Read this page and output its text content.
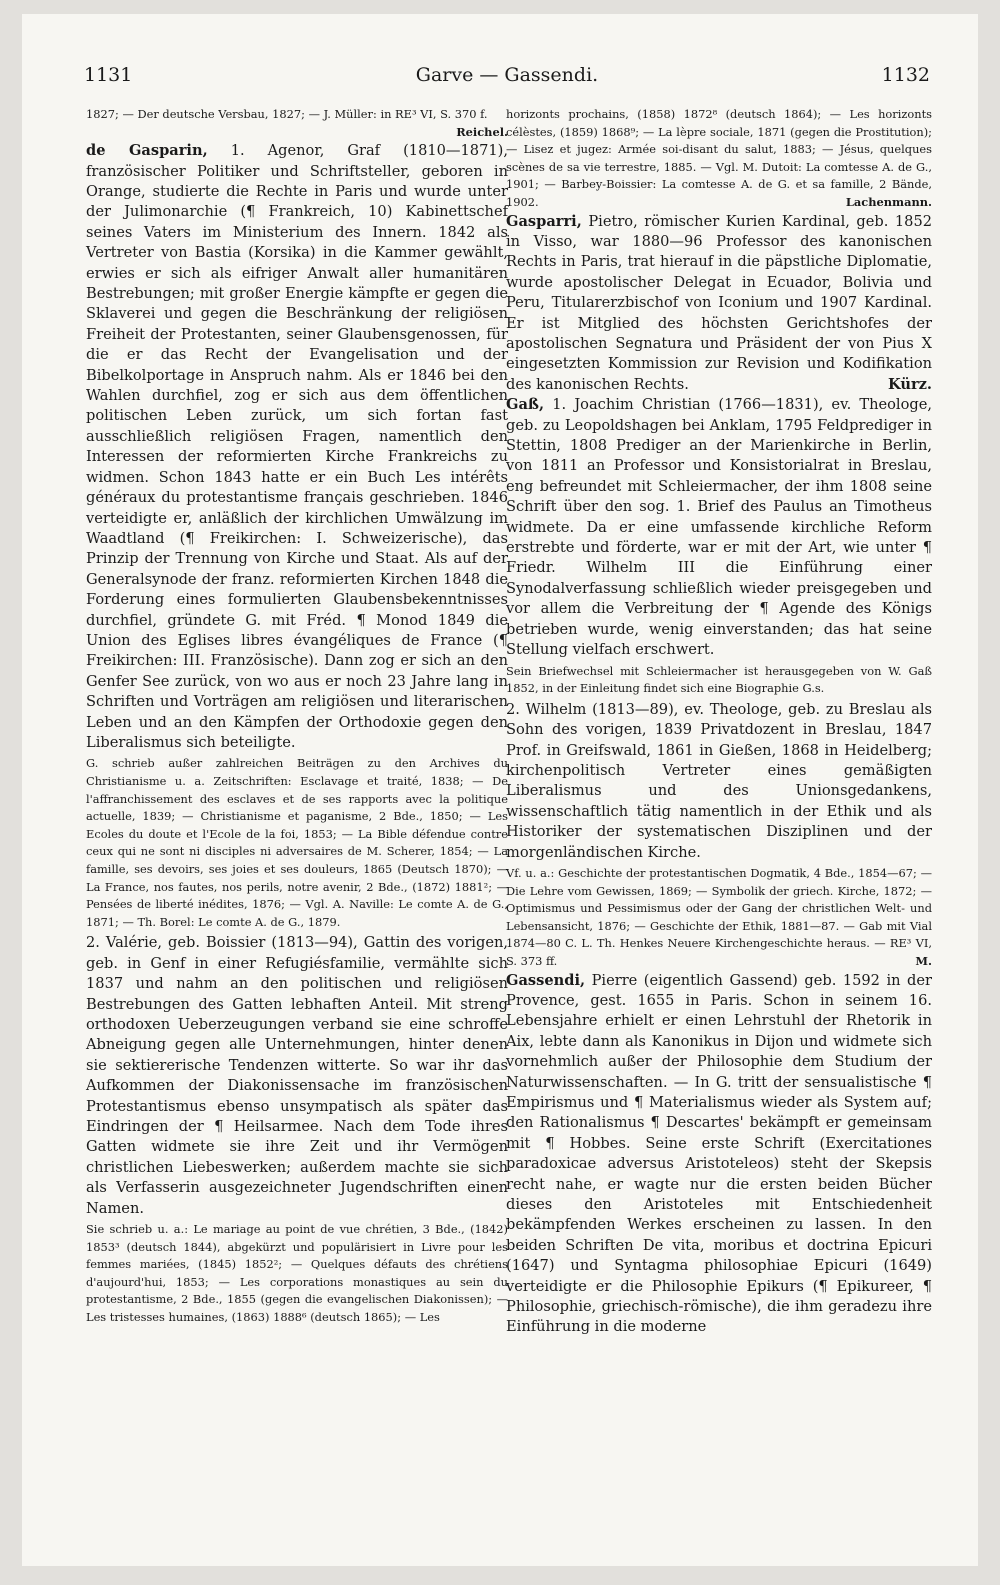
1131	Garve — Gassendi.	1132

1827; — Der deutsche Versbau, 1827; — J. Müller: in RE³ VI, S. 370 f.
Reichel.

de Gasparin, 1. Agenor, Graf (1810—1871), französischer Politiker und Schriftsteller, geboren in Orange, studierte die Rechte in Paris und wurde unter der Julimonarchie (¶ Frankreich, 10) Kabinettschef seines Vaters im Ministerium des Innern. 1842 als Vertreter von Bastia (Korsika) in die Kammer gewählt, erwies er sich als eifriger Anwalt aller humanitären Bestrebungen; mit großer Energie kämpfte er gegen die Sklaverei und gegen die Beschränkung der religiösen Freiheit der Protestanten, seiner Glaubensgenossen, für die er das Recht der Evangelisation und der Bibelkolportage in Anspruch nahm. Als er 1846 bei den Wahlen durchfiel, zog er sich aus dem öffentlichen politischen Leben zurück, um sich fortan fast ausschließlich religiösen Fragen, namentlich den Interessen der reformierten Kirche Frankreichs zu widmen. Schon 1843 hatte er ein Buch Les intérêts généraux du protestantisme français geschrieben. 1846 verteidigte er, anläßlich der kirchlichen Umwälzung im Waadtland (¶ Freikirchen: I. Schweizerische), das Prinzip der Trennung von Kirche und Staat. Als auf der Generalsynode der franz. reformierten Kirchen 1848 die Forderung eines formulierten Glaubensbekenntnisses durchfiel, gründete G. mit Fréd. ¶ Monod 1849 die Union des Eglises libres évangéliques de France (¶ Freikirchen: III. Französische). Dann zog er sich an den Genfer See zurück, von wo aus er noch 23 Jahre lang in Schriften und Vorträgen am religiösen und literarischen Leben und an den Kämpfen der Orthodoxie gegen den Liberalismus sich beteiligte.

G. schrieb außer zahlreichen Beiträgen zu den Archives du Christianisme u. a. Zeitschriften: Esclavage et traité, 1838; — De l'affranchissement des esclaves et de ses rapports avec la politique actuelle, 1839; — Christianisme et paganisme, 2 Bde., 1850; — Les Ecoles du doute et l'Ecole de la foi, 1853; — La Bible défendue contre ceux qui ne sont ni disciples ni adversaires de M. Scherer, 1854; — La famille, ses devoirs, ses joies et ses douleurs, 1865 (Deutsch 1870); — La France, nos fautes, nos perils, notre avenir, 2 Bde., (1872) 1881²; — Pensées de liberté inédites, 1876; — Vgl. A. Naville: Le comte A. de G., 1871; — Th. Borel: Le comte A. de G., 1879.

2. Valérie, geb. Boissier (1813—94), Gattin des vorigen, geb. in Genf in einer Refugiésfamilie, vermählte sich 1837 und nahm an den politischen und religiösen Bestrebungen des Gatten lebhaften Anteil. Mit streng orthodoxen Ueberzeugungen verband sie eine schroffe Abneigung gegen alle Unternehmungen, hinter denen sie sektiererische Tendenzen witterte. So war ihr das Aufkommen der Diakonissensache im französischen Protestantismus ebenso unsympatisch als später das Eindringen der ¶ Heilsarmee. Nach dem Tode ihres Gatten widmete sie ihre Zeit und ihr Vermögen christlichen Liebeswerken; außerdem machte sie sich als Verfasserin ausgezeichneter Jugendschriften einen Namen.

Sie schrieb u. a.: Le mariage au point de vue chrétien, 3 Bde., (1842) 1853³ (deutsch 1844), abgekürzt und populärisiert in Livre pour les femmes mariées, (1845) 1852²; — Quelques défauts des chrétiens d'aujourd'hui, 1853; — Les corporations monastiques au sein du protestantisme, 2 Bde., 1855 (gegen die evangelischen Diakonissen); — Les tristesses humaines, (1863) 1888⁶ (deutsch 1865); — Les

horizonts prochains, (1858) 1872⁸ (deutsch 1864); — Les horizonts célèstes, (1859) 1868⁹; — La lèpre sociale, 1871 (gegen die Prostitution); — Lisez et jugez: Armée soi-disant du salut, 1883; — Jésus, quelques scènes de sa vie terrestre, 1885. — Vgl. M. Dutoit: La comtesse A. de G., 1901; — Barbey-Boissier: La comtesse A. de G. et sa famille, 2 Bände, 1902.	Lachenmann.

Gasparri, Pietro, römischer Kurien Kardinal, geb. 1852 in Visso, war 1880—96 Professor des kanonischen Rechts in Paris, trat hierauf in die päpstliche Diplomatie, wurde apostolischer Delegat in Ecuador, Bolivia und Peru, Titularerzbischof von Iconium und 1907 Kardinal. Er ist Mitglied des höchsten Gerichtshofes der apostolischen Segnatura und Präsident der von Pius X eingesetzten Kommission zur Revision und Kodifikation des kanonischen Rechts.	Kürz.

Gaß, 1. Joachim Christian (1766—1831), ev. Theologe, geb. zu Leopoldshagen bei Anklam, 1795 Feldprediger in Stettin, 1808 Prediger an der Marienkirche in Berlin, von 1811 an Professor und Konsistorialrat in Breslau, eng befreundet mit Schleiermacher, der ihm 1808 seine Schrift über den sog. 1. Brief des Paulus an Timotheus widmete. Da er eine umfassende kirchliche Reform erstrebte und förderte, war er mit der Art, wie unter ¶ Friedr. Wilhelm III die Einführung einer Synodalverfassung schließlich wieder preisgegeben und vor allem die Verbreitung der ¶ Agende des Königs betrieben wurde, wenig einverstanden; das hat seine Stellung vielfach erschwert.

Sein Briefwechsel mit Schleiermacher ist herausgegeben von W. Gaß 1852, in der Einleitung findet sich eine Biographie G.s.

2. Wilhelm (1813—89), ev. Theologe, geb. zu Breslau als Sohn des vorigen, 1839 Privatdozent in Breslau, 1847 Prof. in Greifswald, 1861 in Gießen, 1868 in Heidelberg; kirchenpolitisch Vertreter eines gemäßigten Liberalismus und des Unionsgedankens, wissenschaftlich tätig namentlich in der Ethik und als Historiker der systematischen Disziplinen und der morgenländischen Kirche.

Vf. u. a.: Geschichte der protestantischen Dogmatik, 4 Bde., 1854—67; — Die Lehre vom Gewissen, 1869; — Symbolik der griech. Kirche, 1872; — Optimismus und Pessimismus oder der Gang der christlichen Welt- und Lebensansicht, 1876; — Geschichte der Ethik, 1881—87. — Gab mit Vial 1874—80 C. L. Th. Henkes Neuere Kirchengeschichte heraus. — RE³ VI, S. 373 ff.	M.

Gassendi, Pierre (eigentlich Gassend) geb. 1592 in der Provence, gest. 1655 in Paris. Schon in seinem 16. Lebensjahre erhielt er einen Lehrstuhl der Rhetorik in Aix, lebte dann als Kanonikus in Dijon und widmete sich vornehmlich außer der Philosophie dem Studium der Naturwissenschaften. — In G. tritt der sensualistische ¶ Empirismus und ¶ Materialismus wieder als System auf; den Rationalismus ¶ Descartes' bekämpft er gemeinsam mit ¶ Hobbes. Seine erste Schrift (Exercitationes paradoxicae adversus Aristoteleos) steht der Skepsis recht nahe, er wagte nur die ersten beiden Bücher dieses den Aristoteles mit Entschiedenheit bekämpfenden Werkes erscheinen zu lassen. In den beiden Schriften De vita, moribus et doctrina Epicuri (1647) und Syntagma philosophiae Epicuri (1649) verteidigte er die Philosophie Epikurs (¶ Epikureer, ¶ Philosophie, griechisch-römische), die ihm geradezu ihre Einführung in die moderne
